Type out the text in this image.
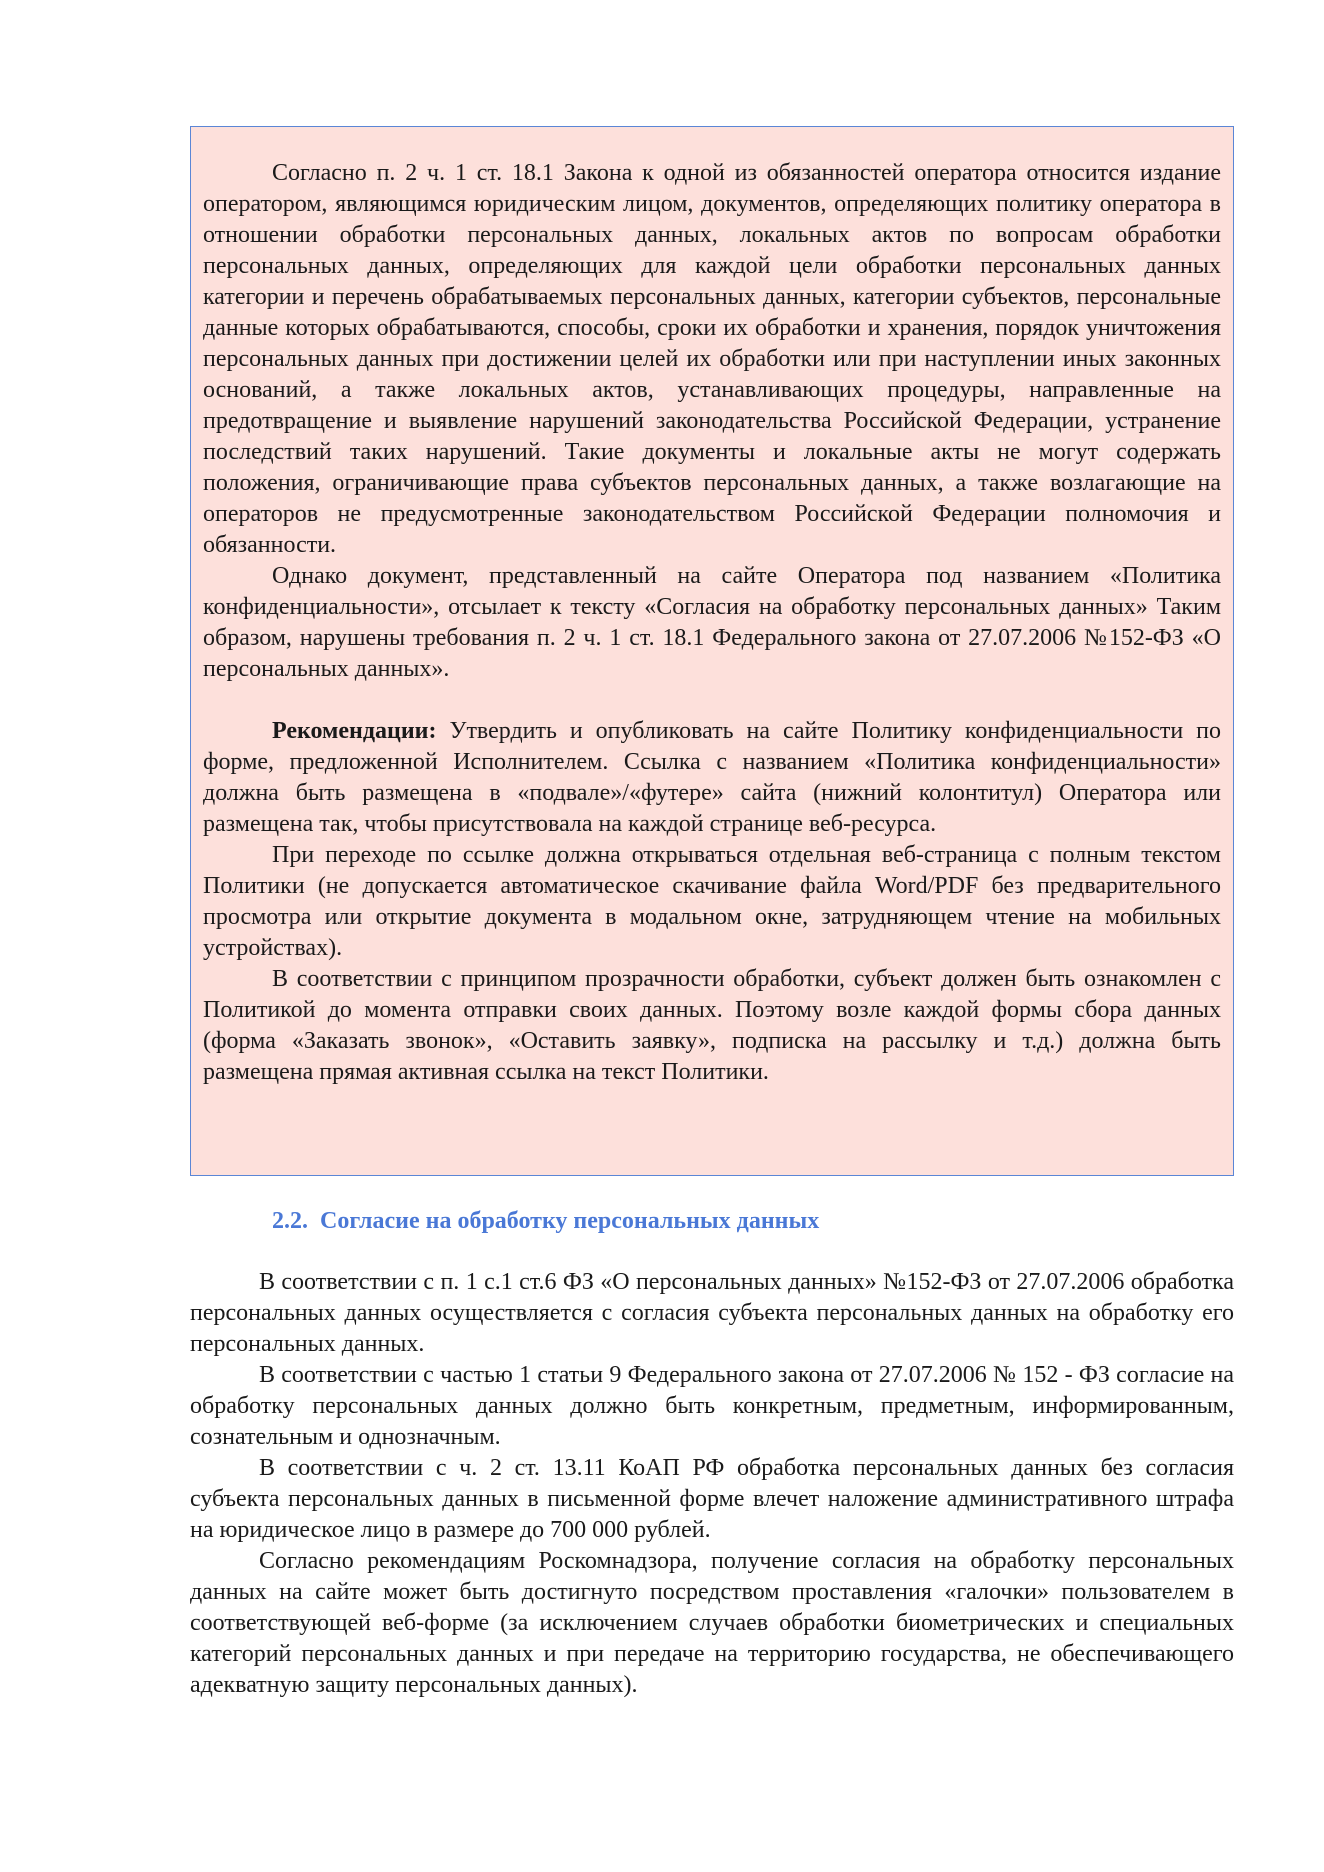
Согласно п. 2 ч. 1 ст. 18.1 Закона к одной из обязанностей оператора относится издание оператором, являющимся юридическим лицом, документов, определяющих политику оператора в отношении обработки персональных данных, локальных актов по вопросам обработки персональных данных, определяющих для каждой цели обработки персональных данных категории и перечень обрабатываемых персональных данных, категории субъектов, персональные данные которых обрабатываются, способы, сроки их обработки и хранения, порядок уничтожения персональных данных при достижении целей их обработки или при наступлении иных законных оснований, а также локальных актов, устанавливающих процедуры, направленные на предотвращение и выявление нарушений законодательства Российской Федерации, устранение последствий таких нарушений. Такие документы и локальные акты не могут содержать положения, ограничивающие права субъектов персональных данных, а также возлагающие на операторов не предусмотренные законодательством Российской Федерации полномочия и обязанности.

Однако документ, представленный на сайте Оператора под названием «Политика конфиденциальности», отсылает к тексту «Согласия на обработку персональных данных» Таким образом, нарушены требования п. 2 ч. 1 ст. 18.1 Федерального закона от 27.07.2006 №152-ФЗ «О персональных данных».

Рекомендации: Утвердить и опубликовать на сайте Политику конфиденциальности по форме, предложенной Исполнителем. Ссылка с названием «Политика конфиденциальности» должна быть размещена в «подвале»/«футере» сайта (нижний колонтитул) Оператора или размещена так, чтобы присутствовала на каждой странице веб-ресурса.

При переходе по ссылке должна открываться отдельная веб-страница с полным текстом Политики (не допускается автоматическое скачивание файла Word/PDF без предварительного просмотра или открытие документа в модальном окне, затрудняющем чтение на мобильных устройствах).

В соответствии с принципом прозрачности обработки, субъект должен быть ознакомлен с Политикой до момента отправки своих данных. Поэтому возле каждой формы сбора данных (форма «Заказать звонок», «Оставить заявку», подписка на рассылку и т.д.) должна быть размещена прямая активная ссылка на текст Политики.

2.2. Согласие на обработку персональных данных

В соответствии с п. 1 с.1 ст.6 ФЗ «О персональных данных» №152-ФЗ от 27.07.2006 обработка персональных данных осуществляется с согласия субъекта персональных данных на обработку его персональных данных.

В соответствии с частью 1 статьи 9 Федерального закона от 27.07.2006 № 152 - ФЗ согласие на обработку персональных данных должно быть конкретным, предметным, информированным, сознательным и однозначным.

В соответствии с ч. 2 ст. 13.11 КоАП РФ обработка персональных данных без согласия субъекта персональных данных в письменной форме влечет наложение административного штрафа на юридическое лицо в размере до 700 000 рублей.

Согласно рекомендациям Роскомнадзора, получение согласия на обработку персональных данных на сайте может быть достигнуто посредством проставления «галочки» пользователем в соответствующей веб-форме (за исключением случаев обработки биометрических и специальных категорий персональных данных и при передаче на территорию государства, не обеспечивающего адекватную защиту персональных данных).
